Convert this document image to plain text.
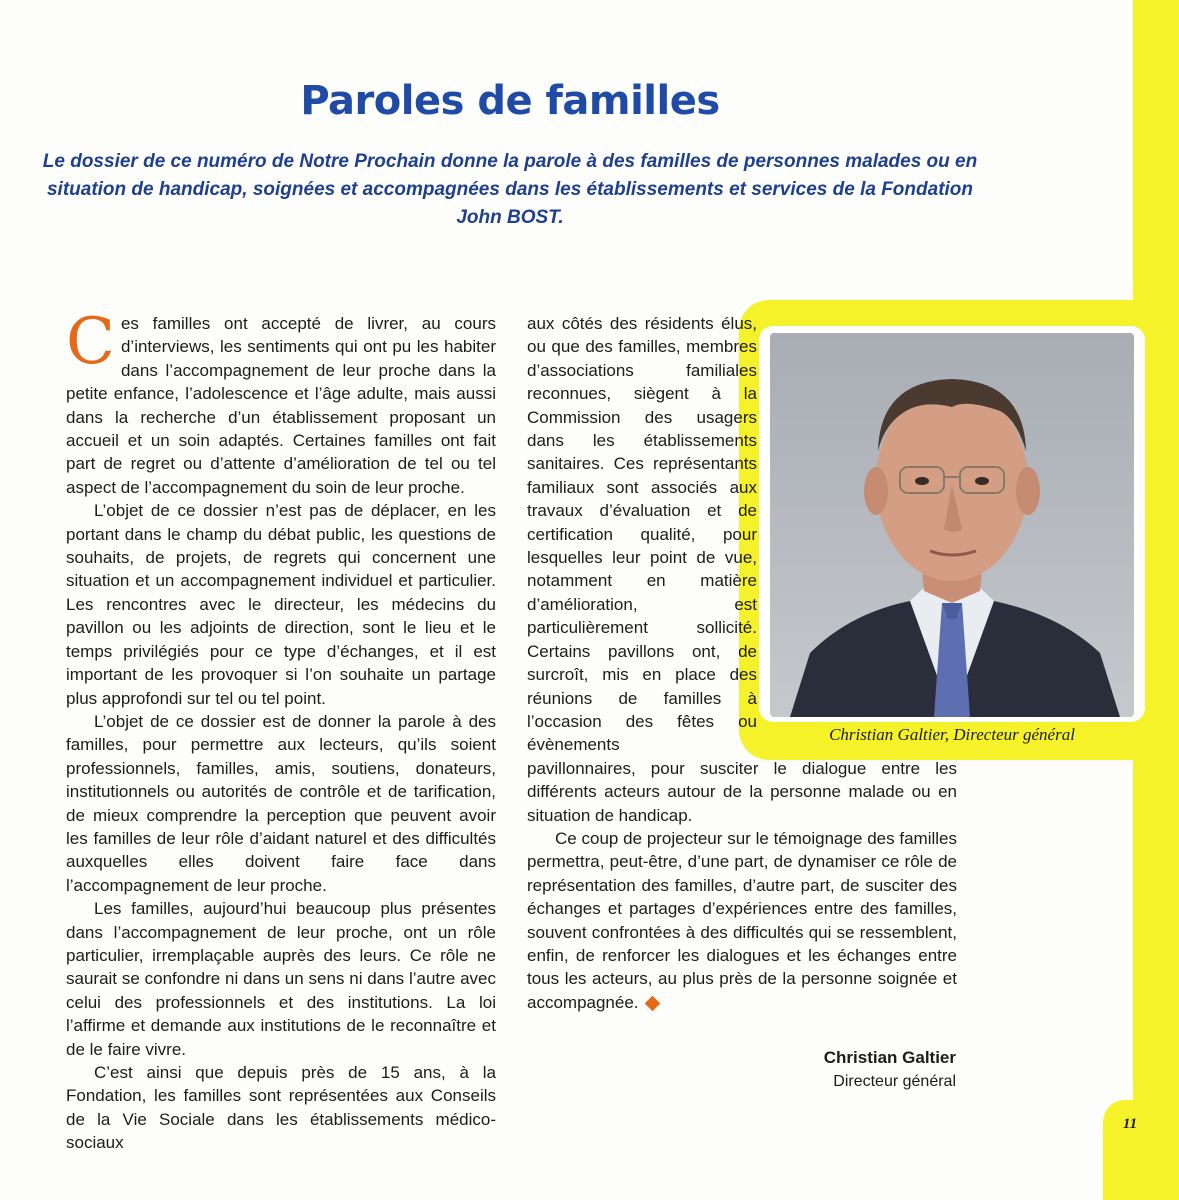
Paroles de familles

Le dossier de ce numéro de Notre Prochain donne la parole à des familles de personnes malades ou en situation de handicap, soignées et accompagnées dans les établissements et services de la Fondation John BOST.

Ces familles ont accepté de livrer, au cours d’interviews, les sentiments qui ont pu les habiter dans l’accompagnement de leur proche dans la petite enfance, l’adolescence et l’âge adulte, mais aussi dans la recherche d’un établissement proposant un accueil et un soin adaptés. Certaines familles ont fait part de regret ou d’attente d’amélioration de tel ou tel aspect de l’accompagnement du soin de leur proche.

L’objet de ce dossier n’est pas de déplacer, en les portant dans le champ du débat public, les questions de souhaits, de projets, de regrets qui concernent une situation et un accompagnement individuel et particulier. Les rencontres avec le directeur, les médecins du pavillon ou les adjoints de direction, sont le lieu et le temps privilégiés pour ce type d’échanges, et il est important de les provoquer si l’on souhaite un partage plus approfondi sur tel ou tel point.

L’objet de ce dossier est de donner la parole à des familles, pour permettre aux lecteurs, qu’ils soient professionnels, familles, amis, soutiens, donateurs, institutionnels ou autorités de contrôle et de tarification, de mieux comprendre la perception que peuvent avoir les familles de leur rôle d’aidant naturel et des difficultés auxquelles elles doivent faire face dans l’accompagnement de leur proche.

Les familles, aujourd’hui beaucoup plus présentes dans l’accompagnement de leur proche, ont un rôle particulier, irremplaçable auprès des leurs. Ce rôle ne saurait se confondre ni dans un sens ni dans l’autre avec celui des professionnels et des institutions. La loi l’affirme et demande aux institutions de le reconnaître et de le faire vivre.

C’est ainsi que depuis près de 15 ans, à la Fondation, les familles sont représentées aux Conseils de la Vie Sociale dans les établissements médico-sociaux

aux côtés des résidents élus, ou que des familles, membres d’associations familiales reconnues, siègent à la Commission des usagers dans les établissements sanitaires. Ces représentants familiaux sont associés aux travaux d’évaluation et de certification qualité, pour lesquelles leur point de vue, notamment en matière d’amélioration, est particulièrement sollicité. Certains pavillons ont, de surcroît, mis en place des réunions de familles à l’occasion des fêtes ou évènements
pavillonnaires, pour susciter le dialogue entre les différents acteurs autour de la personne malade ou en situation de handicap.

Ce coup de projecteur sur le témoignage des familles permettra, peut-être, d’une part, de dynamiser ce rôle de représentation des familles, d’autre part, de susciter des échanges et partages d’expériences entre des familles, souvent confrontées à des difficultés qui se ressemblent, enfin, de renforcer les dialogues et les échanges entre tous les acteurs, au plus près de la personne soignée et accompagnée.

Christian Galtier, Directeur général

Christian Galtier

Directeur général

11
